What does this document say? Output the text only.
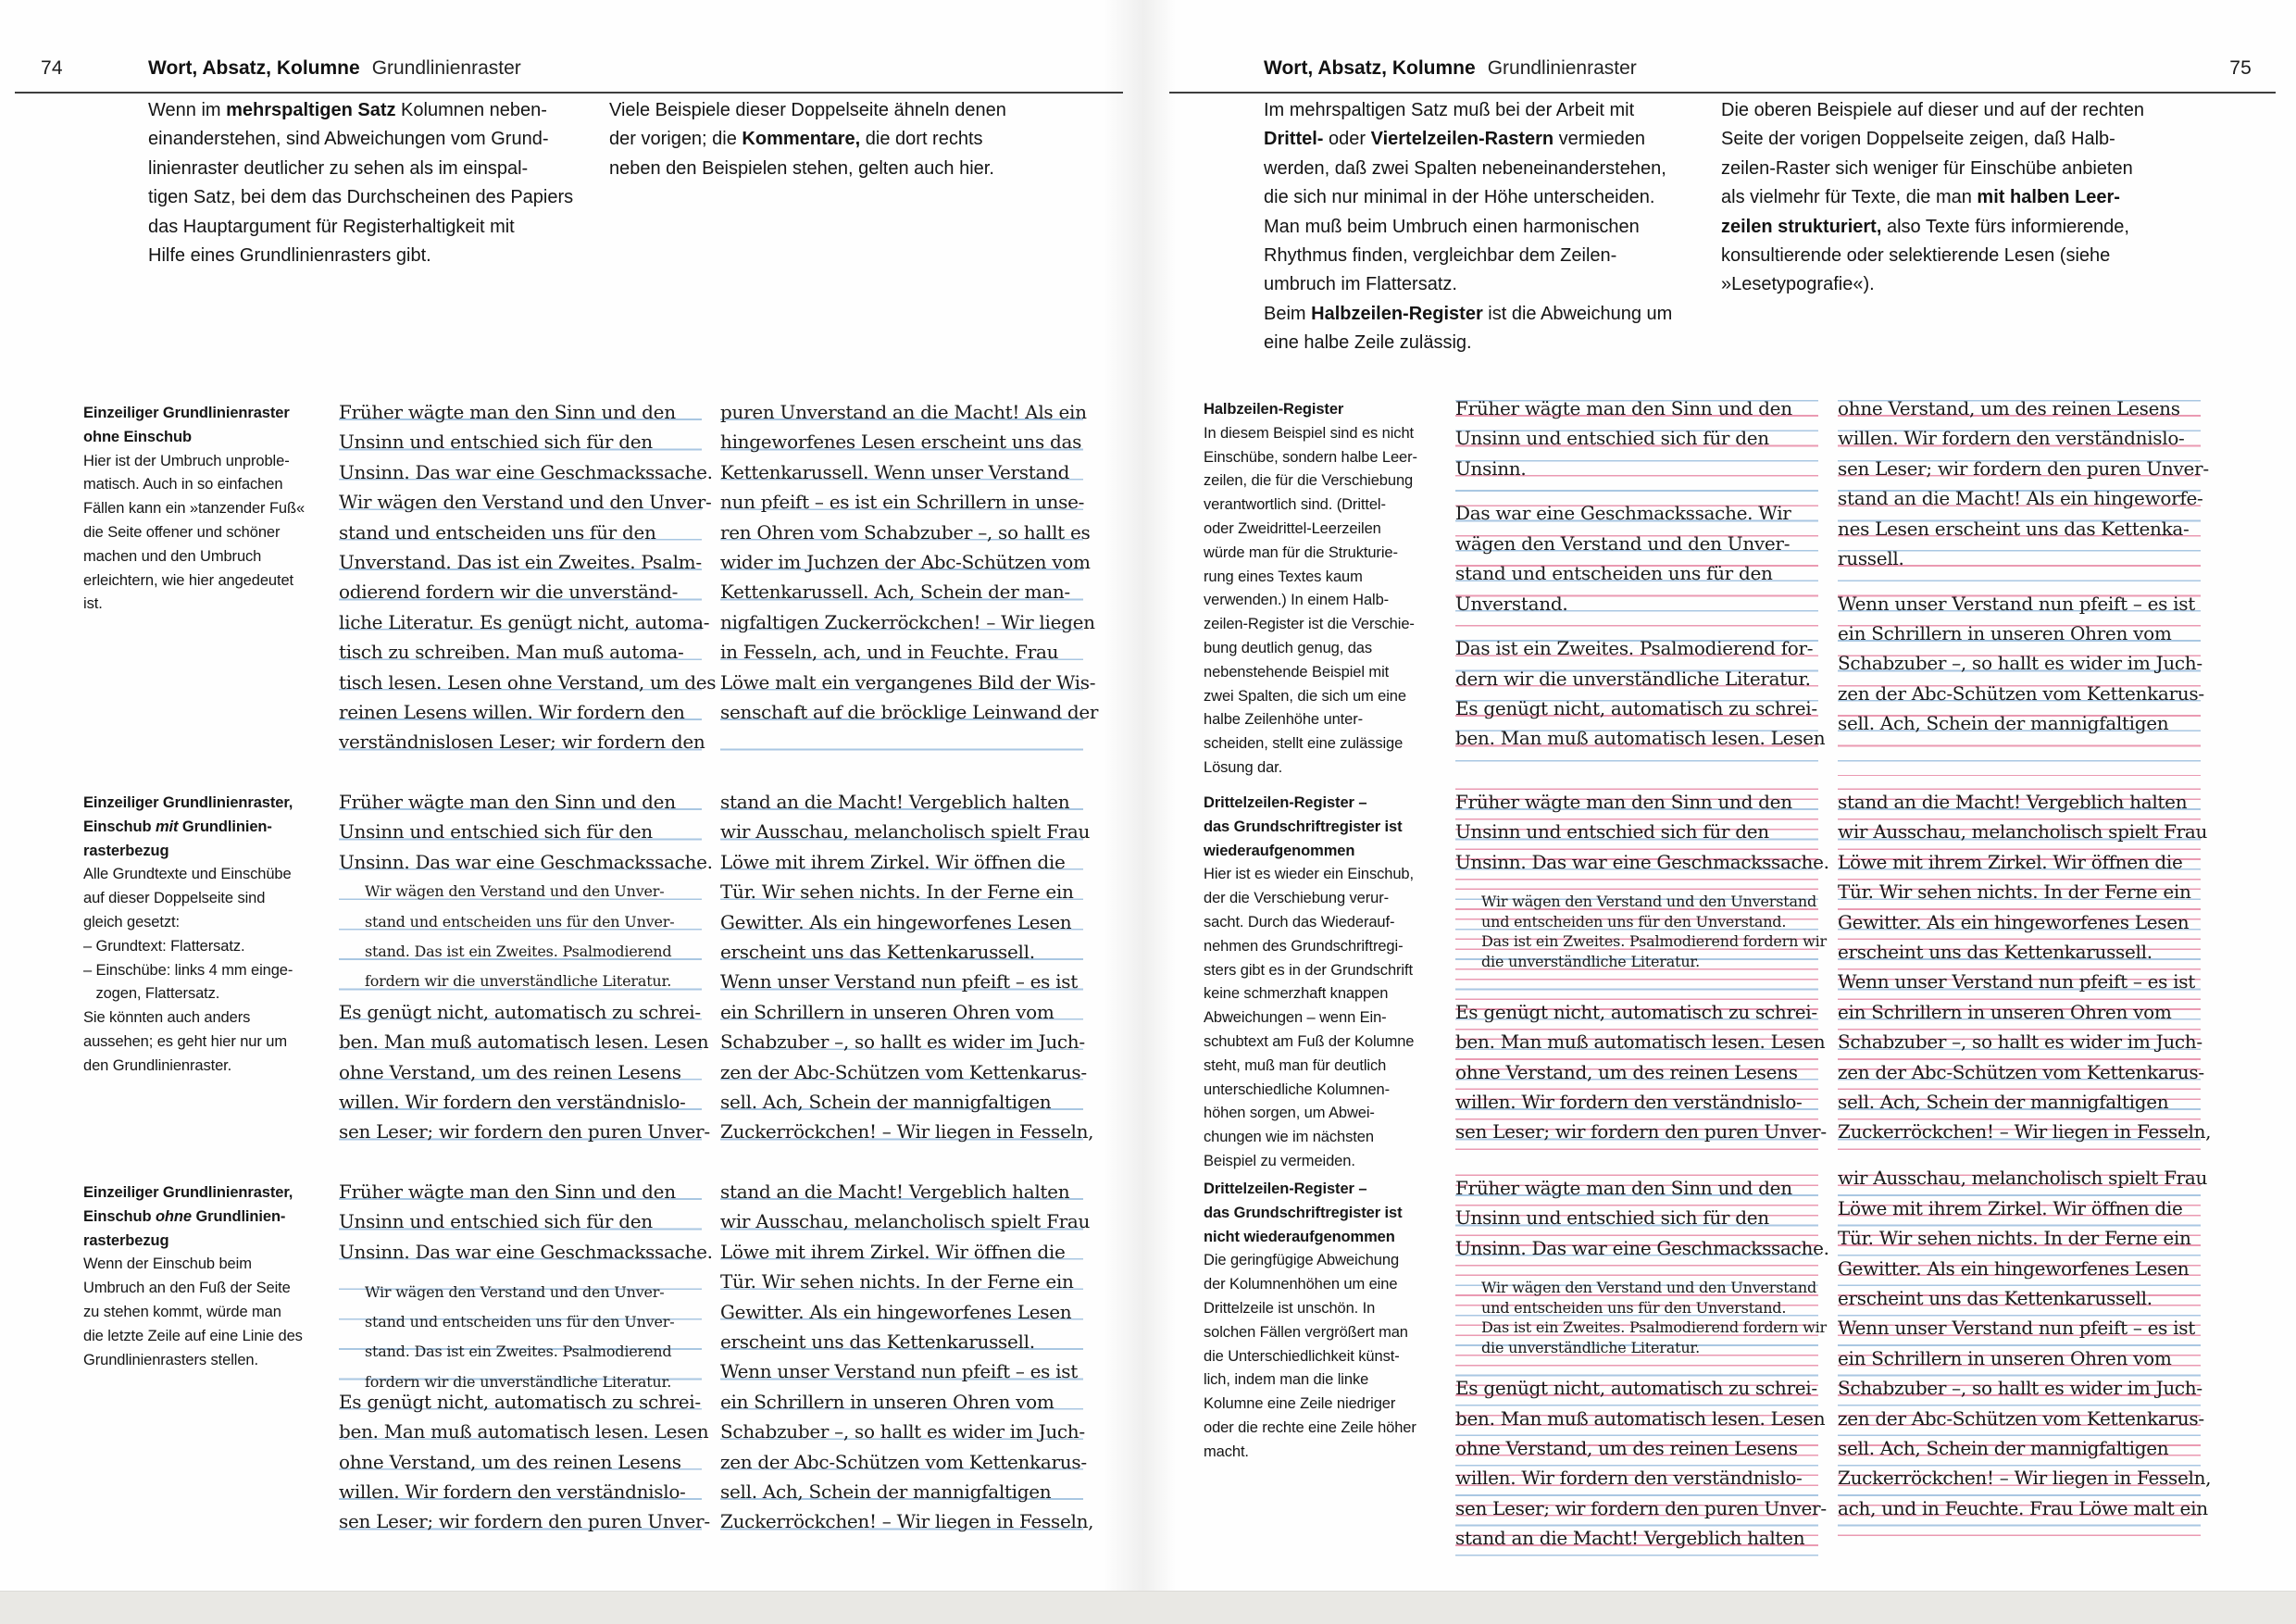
74	Wort, Absatz, Kolumne Grundlinienraster	Wort, Absatz, Kolumne Grundlinienraster	75
Wenn im mehrspaltigen Satz Kolumnen neben-
einanderstehen, sind Abweichungen vom Grund-
linienraster deutlicher zu sehen als im einspal-
tigen Satz, bei dem das Durchscheinen des Papiers
das Hauptargument für Registerhaltigkeit mit
Hilfe eines Grundlinienrasters gibt.
Viele Beispiele dieser Doppelseite ähneln denen
der vorigen; die Kommentare, die dort rechts
neben den Beispielen stehen, gelten auch hier.
Einzeiliger Grundlinienraster
ohne Einschub
Hier ist der Umbruch unproble-
matisch. Auch in so einfachen
Fällen kann ein »tanzender Fuß«
die Seite offener und schöner
machen und den Umbruch
erleichtern, wie hier angedeutet
ist.
Früher wägte man den Sinn und den
Unsinn und entschied sich für den
Unsinn. Das war eine Geschmackssache.
Wir wägen den Verstand und den Unver-
stand und entscheiden uns für den
Unverstand. Das ist ein Zweites. Psalm-
odierend fordern wir die unverständ-
liche Literatur. Es genügt nicht, automa-
tisch zu schreiben. Man muß automa-
tisch lesen. Lesen ohne Verstand, um des
reinen Lesens willen. Wir fordern den
verständnislosen Leser; wir fordern den
puren Unverstand an die Macht! Als ein
hingeworfenes Lesen erscheint uns das
Kettenkarussell. Wenn unser Verstand
nun pfeift – es ist ein Schrillern in unse-
ren Ohren vom Schabzuber –, so hallt es
wider im Juchzen der Abc-Schützen vom
Kettenkarussell. Ach, Schein der man-
nigfaltigen Zuckerröckchen! – Wir liegen
in Fesseln, ach, und in Feuchte. Frau
Löwe malt ein vergangenes Bild der Wis-
senschaft auf die bröcklige Leinwand der
Einzeiliger Grundlinienraster,
Einschub mit Grundlinien-
rasterbezug
Alle Grundtexte und Einschübe
auf dieser Doppelseite sind
gleich gesetzt:
– Grundtext: Flattersatz.
– Einschübe: links 4 mm einge-
zogen, Flattersatz.
Sie könnten auch anders
aussehen; es geht hier nur um
den Grundlinienraster.
Früher wägte man den Sinn und den
Unsinn und entschied sich für den
Unsinn. Das war eine Geschmackssache.
Wir wägen den Verstand und den Unver-
stand und entscheiden uns für den Unver-
stand. Das ist ein Zweites. Psalmodierend
fordern wir die unverständliche Literatur.
Es genügt nicht, automatisch zu schrei-
ben. Man muß automatisch lesen. Lesen
ohne Verstand, um des reinen Lesens
willen. Wir fordern den verständnislo-
sen Leser; wir fordern den puren Unver-
stand an die Macht! Vergeblich halten
wir Ausschau, melancholisch spielt Frau
Löwe mit ihrem Zirkel. Wir öffnen die
Tür. Wir sehen nichts. In der Ferne ein
Gewitter. Als ein hingeworfenes Lesen
erscheint uns das Kettenkarussell.
Wenn unser Verstand nun pfeift – es ist
ein Schrillern in unseren Ohren vom
Schabzuber –, so hallt es wider im Juch-
zen der Abc-Schützen vom Kettenkarus-
sell. Ach, Schein der mannigfaltigen
Zuckerröckchen! – Wir liegen in Fesseln,
Einzeiliger Grundlinienraster,
Einschub ohne Grundlinien-
rasterbezug
Wenn der Einschub beim
Umbruch an den Fuß der Seite
zu stehen kommt, würde man
die letzte Zeile auf eine Linie des
Grundlinienrasters stellen.
Früher wägte man den Sinn und den
Unsinn und entschied sich für den
Unsinn. Das war eine Geschmackssache.
Wir wägen den Verstand und den Unver-
stand und entscheiden uns für den Unver-
stand. Das ist ein Zweites. Psalmodierend
fordern wir die unverständliche Literatur.
Es genügt nicht, automatisch zu schrei-
ben. Man muß automatisch lesen. Lesen
ohne Verstand, um des reinen Lesens
willen. Wir fordern den verständnislo-
sen Leser; wir fordern den puren Unver-
stand an die Macht! Vergeblich halten
wir Ausschau, melancholisch spielt Frau
Löwe mit ihrem Zirkel. Wir öffnen die
Tür. Wir sehen nichts. In der Ferne ein
Gewitter. Als ein hingeworfenes Lesen
erscheint uns das Kettenkarussell.
Wenn unser Verstand nun pfeift – es ist
ein Schrillern in unseren Ohren vom
Schabzuber –, so hallt es wider im Juch-
zen der Abc-Schützen vom Kettenkarus-
sell. Ach, Schein der mannigfaltigen
Zuckerröckchen! – Wir liegen in Fesseln,
Im mehrspaltigen Satz muß bei der Arbeit mit
Drittel- oder Viertelzeilen-Rastern vermieden
werden, daß zwei Spalten nebeneinanderstehen,
die sich nur minimal in der Höhe unterscheiden.
Man muß beim Umbruch einen harmonischen
Rhythmus finden, vergleichbar dem Zeilen-
umbruch im Flattersatz.
Beim Halbzeilen-Register ist die Abweichung um
eine halbe Zeile zulässig.
Die oberen Beispiele auf dieser und auf der rechten
Seite der vorigen Doppelseite zeigen, daß Halb-
zeilen-Raster sich weniger für Einschübe anbieten
als vielmehr für Texte, die man mit halben Leer-
zeilen strukturiert, also Texte fürs informierende,
konsultierende oder selektierende Lesen (siehe
»Lesetypografie«).
Halbzeilen-Register
In diesem Beispiel sind es nicht
Einschübe, sondern halbe Leer-
zeilen, die für die Verschiebung
verantwortlich sind. (Drittel-
oder Zweidrittel-Leerzeilen
würde man für die Strukturie-
rung eines Textes kaum
verwenden.) In einem Halb-
zeilen-Register ist die Verschie-
bung deutlich genug, das
nebenstehende Beispiel mit
zwei Spalten, die sich um eine
halbe Zeilenhöhe unter-
scheiden, stellt eine zulässige
Lösung dar.
Früher wägte man den Sinn und den
Unsinn und entschied sich für den
Unsinn.
Das war eine Geschmackssache. Wir
wägen den Verstand und den Unver-
stand und entscheiden uns für den
Unverstand.
Das ist ein Zweites. Psalmodierend for-
dern wir die unverständliche Literatur.
Es genügt nicht, automatisch zu schrei-
ben. Man muß automatisch lesen. Lesen
ohne Verstand, um des reinen Lesens
willen. Wir fordern den verständnislo-
sen Leser; wir fordern den puren Unver-
stand an die Macht! Als ein hingeworfe-
nes Lesen erscheint uns das Kettenka-
russell.
Wenn unser Verstand nun pfeift – es ist
ein Schrillern in unseren Ohren vom
Schabzuber –, so hallt es wider im Juch-
zen der Abc-Schützen vom Kettenkarus-
sell. Ach, Schein der mannigfaltigen
Drittelzeilen-Register –
das Grundschriftregister ist
wiederaufgenommen
Hier ist es wieder ein Einschub,
der die Verschiebung verur-
sacht. Durch das Wiederauf-
nehmen des Grundschriftregi-
sters gibt es in der Grundschrift
keine schmerzhaft knappen
Abweichungen – wenn Ein-
schubtext am Fuß der Kolumne
steht, muß man für deutlich
unterschiedliche Kolumnen-
höhen sorgen, um Abwei-
chungen wie im nächsten
Beispiel zu vermeiden.
Früher wägte man den Sinn und den
Unsinn und entschied sich für den
Unsinn. Das war eine Geschmackssache.
Wir wägen den Verstand und den Unverstand
und entscheiden uns für den Unverstand.
Das ist ein Zweites. Psalmodierend fordern wir
die unverständliche Literatur.
Es genügt nicht, automatisch zu schrei-
ben. Man muß automatisch lesen. Lesen
ohne Verstand, um des reinen Lesens
willen. Wir fordern den verständnislo-
sen Leser; wir fordern den puren Unver-
stand an die Macht! Vergeblich halten
wir Ausschau, melancholisch spielt Frau
Löwe mit ihrem Zirkel. Wir öffnen die
Tür. Wir sehen nichts. In der Ferne ein
Gewitter. Als ein hingeworfenes Lesen
erscheint uns das Kettenkarussell.
Wenn unser Verstand nun pfeift – es ist
ein Schrillern in unseren Ohren vom
Schabzuber –, so hallt es wider im Juch-
zen der Abc-Schützen vom Kettenkarus-
sell. Ach, Schein der mannigfaltigen
Zuckerröckchen! – Wir liegen in Fesseln,
Drittelzeilen-Register –
das Grundschriftregister ist
nicht wiederaufgenommen
Die geringfügige Abweichung
der Kolumnenhöhen um eine
Drittelzeile ist unschön. In
solchen Fällen vergrößert man
die Unterschiedlichkeit künst-
lich, indem man die linke
Kolumne eine Zeile niedriger
oder die rechte eine Zeile höher
macht.
Früher wägte man den Sinn und den
Unsinn und entschied sich für den
Unsinn. Das war eine Geschmackssache.
Wir wägen den Verstand und den Unverstand
und entscheiden uns für den Unverstand.
Das ist ein Zweites. Psalmodierend fordern wir
die unverständliche Literatur.
Es genügt nicht, automatisch zu schrei-
ben. Man muß automatisch lesen. Lesen
ohne Verstand, um des reinen Lesens
willen. Wir fordern den verständnislo-
sen Leser; wir fordern den puren Unver-
stand an die Macht! Vergeblich halten
wir Ausschau, melancholisch spielt Frau
Löwe mit ihrem Zirkel. Wir öffnen die
Tür. Wir sehen nichts. In der Ferne ein
Gewitter. Als ein hingeworfenes Lesen
erscheint uns das Kettenkarussell.
Wenn unser Verstand nun pfeift – es ist
ein Schrillern in unseren Ohren vom
Schabzuber –, so hallt es wider im Juch-
zen der Abc-Schützen vom Kettenkarus-
sell. Ach, Schein der mannigfaltigen
Zuckerröckchen! – Wir liegen in Fesseln,
ach, und in Feuchte. Frau Löwe malt ein
